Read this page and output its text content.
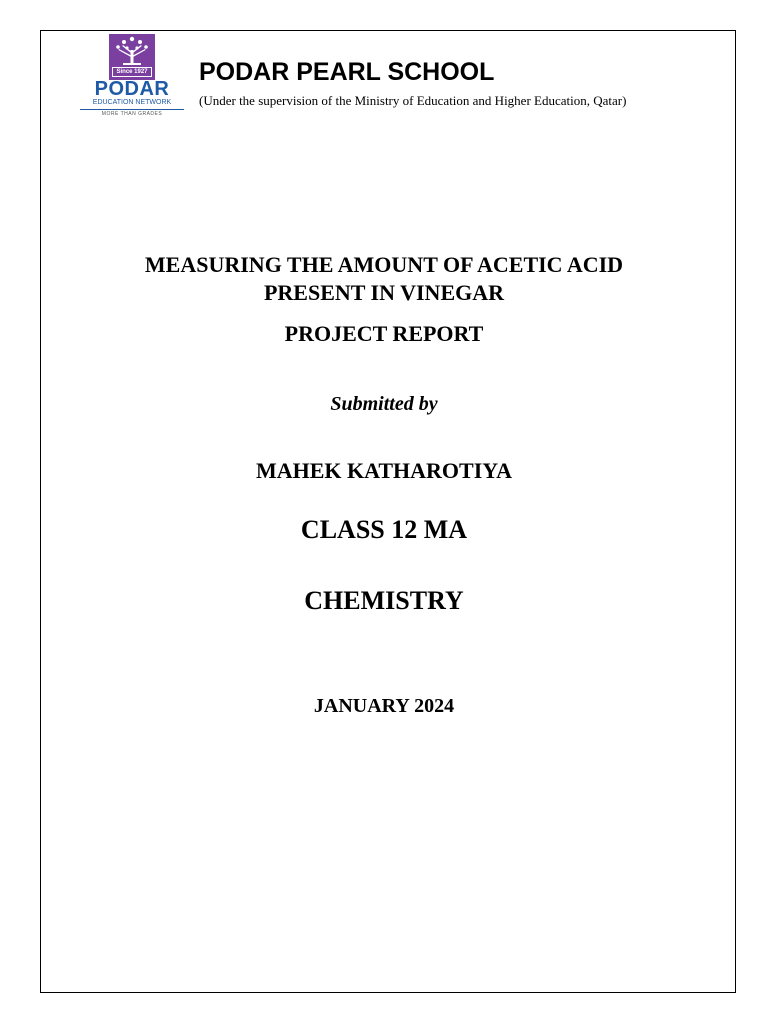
Since 1927
PODAR
EDUCATION NETWORK
MORE THAN GRADES
PODAR PEARL SCHOOL
(Under the supervision of the Ministry of Education and Higher Education, Qatar)
MEASURING THE AMOUNT OF ACETIC ACID
PRESENT IN VINEGAR
PROJECT REPORT
Submitted by
MAHEK KATHAROTIYA
CLASS 12 MA
CHEMISTRY
JANUARY 2024
